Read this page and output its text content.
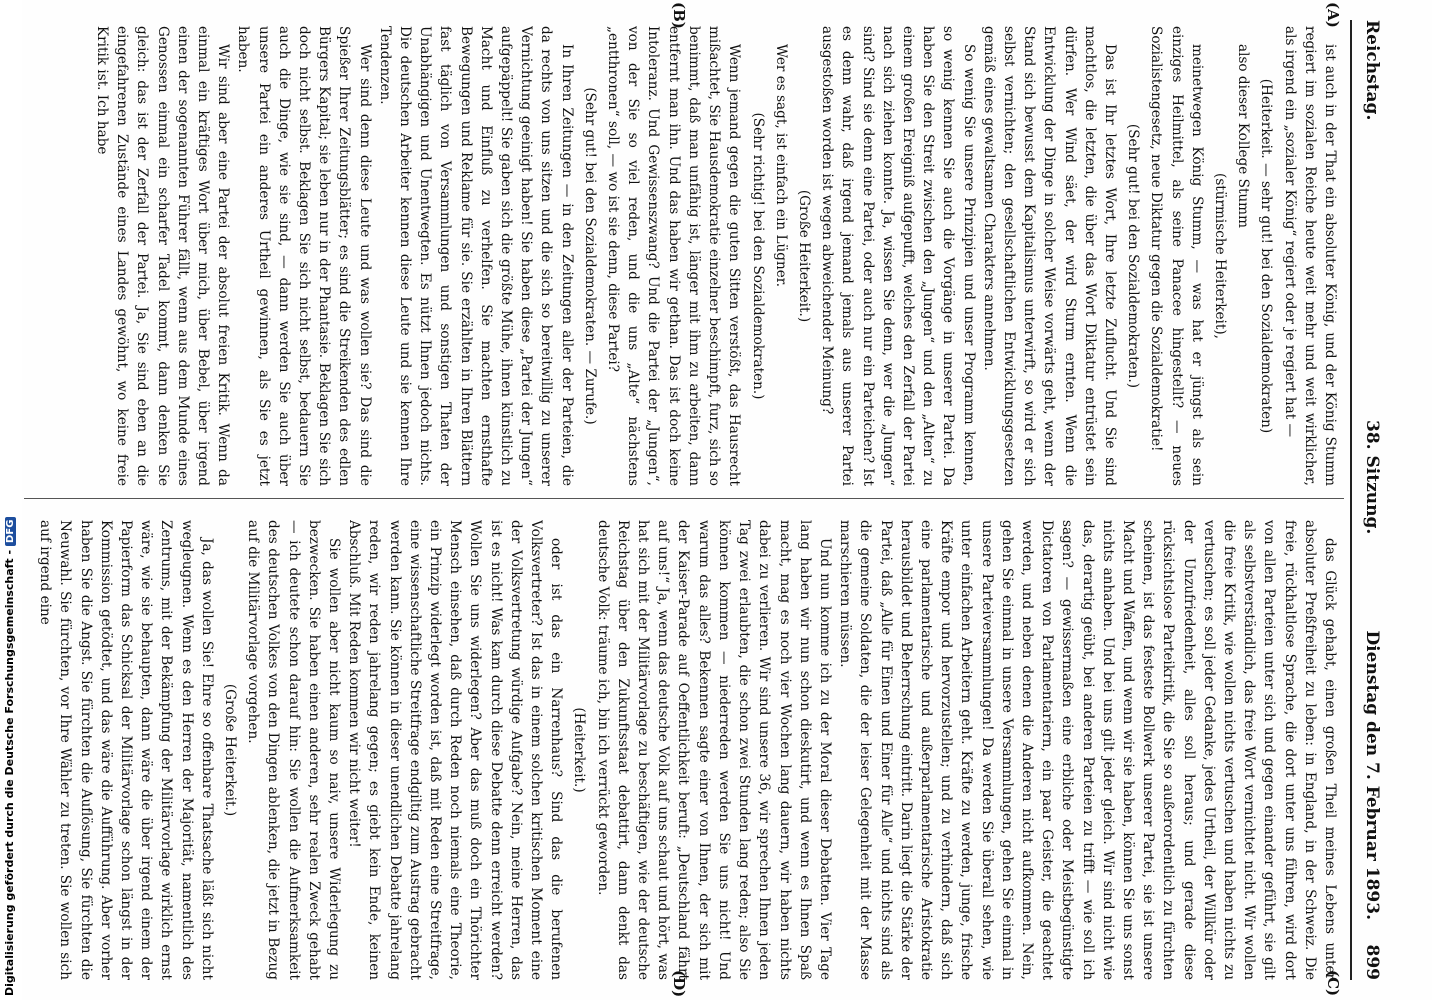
Digitalisierung gefördert durch die Deutsche Forschungsgemeinschaft -DFG
Reichstag.
38. Sitzung.
Dienstag den 7. Februar 1893.
899
(A)
(B)
(C)
(D)

ist auch in der That ein absoluter König, und der König Stumm regiert im sozialen Reiche heute weit mehr und weit wirklicher, als irgend ein „sozialer König“ regiert oder je regiert hat —

(Heiterkeit. — sehr gut! bei den Sozialdemokraten)

also dieser Kollege Stumm

(stürmische Heiterkeit),

meinetwegen König Stumm, — was hat er jüngst als sein einziges Heilmittel, als seine Panacee hingestellt? — neues Sozialistengesetz, neue Diktatur gegen die Sozialdemokratie!

(Sehr gut! bei den Sozialdemokraten.)

Das ist Ihr letztes Wort, Ihre letzte Zuflucht. Und Sie sind machtlos, die letzten, die über das Wort Diktatur entrüstet sein dürfen. Wer Wind säet, der wird Sturm ernten. Wenn die Entwicklung der Dinge in solcher Weise vorwärts geht, wenn der Stand sich bewusst dem Kapitalismus unterwirft, so wird er sich selbst vernichten; den gesellschaftlichen Entwicklungsgesetzen gemäß eines gewaltsamen Charakters annehmen.

So wenig Sie unsere Prinzipien und unser Programm kennen, so wenig kennen Sie auch die Vorgänge in unserer Partei. Da haben Sie den Streit zwischen den „Jungen“ und den „Alten“ zu einem großen Ereigniß aufgepufft, welches den Zerfall der Partei nach sich ziehen konnte. Ja, wissen Sie denn, wer die „Jungen“ sind? Sind sie denn eine Partei, oder auch nur ein Parteichen? Ist es denn wahr, daß irgend jemand jemals aus unserer Partei ausgestoßen worden ist wegen abweichender Meinung?

(Große Heiterkeit.)

Wer es sagt, ist einfach ein Lügner.

(Sehr richtig! bei den Sozialdemokraten.)

Wenn jemand gegen die guten Sitten verstößt, das Hausrecht mißachtet, Sie Hausdemokratie einzelner beschimpft, furz, sich so benimmt, daß man unfähig ist, länger mit ihm zu arbeiten, dann entfernt man ihn. Und das haben wir gethan. Das ist doch keine Intoleranz. Und Gewissenszwang? Und die Partei der „Jungen“, von der Sie so viel reden, und die uns „Alte“ nächstens „entthronen“ soll, — wo ist sie denn, diese Partei?

(Sehr gut! bei den Sozialdemokraten. — Zurufe.)

In Ihren Zeitungen — in den Zeitungen aller der Parteien, die da rechts von uns sitzen und die sich so bereitwillig zu unserer Vernichtung geeinigt haben! Sie haben diese „Partei der Jungen“ aufgepäppelt! Sie gaben sich die größte Mühe, ihnen künstlich zu Macht und Einfluß zu verhelfen. Sie machten ernsthafte Bewegungen und Reklame für sie. Sie erzählten in Ihren Blättern fast täglich von Versammlungen und sonstigen Thaten der Unabhängigen und Unentwegten. Es nützt Ihnen jedoch nichts. Die deutschen Arbeiter kennen diese Leute und sie kennen Ihre Tendenzen.

Wer sind denn diese Leute und was wollen sie? Das sind die Spießer Ihrer Zeitungsblätter; es sind die Streikenden des edlen Bürgers Kapital; sie leben nur in der Phantasie. Beklagen Sie sich doch nicht selbst. Beklagen Sie sich nicht selbst, bedauern Sie auch die Dinge, wie sie sind, — dann werden Sie auch über unsere Partei ein anderes Urtheil gewinnen, als Sie es jetzt haben.

Wir sind aber eine Partei der absolut freien Kritik. Wenn da einmal ein kräftiges Wort über mich, über Bebel, über irgend einen der sogenannten Führer fällt, wenn aus dem Munde eines Genossen einmal ein scharfer Tadel kommt, dann denken Sie gleich: das ist der Zerfall der Partei. Ja, Sie sind eben an die eingefahrenen Zustände eines Landes gewöhnt, wo keine freie Kritik ist. Ich habe

das Glück gehabt, einen großen Theil meines Lebens unter absoluter Preßfreiheit zu leben: in England, in der Schweiz. Die freie, rückhaltlose Sprache, die dort unter uns führen, wird dort von allen Parteien unter sich und gegen einander geführt, sie gilt als selbstverständlich, das freie Wort vernichtet nicht. Wir wollen die freie Kritik, wie wollen nichts vertuschen und haben nichts zu vertuschen; es soll jeder Gedanke, jedes Urtheil, der Willkür oder der Unzufriedenheit, alles soll heraus; und gerade diese rücksichtslose Parteikritik, die Sie so außerordentlich zu fürchten scheinen, ist das festeste Bollwerk unserer Partei, sie ist unsere Macht und Waffen, und wenn wir sie haben, können Sie uns sonst nichts anhaben. Und bei uns gilt jeder gleich. Wir sind nicht wie das, derartig geübt, bei anderen Parteien zu trifft — wie soll ich sagen? — gewissermaßen eine erbliche oder Meistbegünstigte Dictatoren von Parlamentariern, ein paar Geister, die geachtet werden, und neben denen die Anderen nicht aufkommen. Nein, gehen Sie einmal in unsere Versammlungen, gehen Sie einmal in unsere Parteiversammlungen! Da werden Sie überall sehen, wie unter einfachen Arbeitern geht. Kräfte zu werden, junge, frische Kräfte empor und hervorzustellen; und zu verhindern, daß sich eine parlamentarische und außerparlamentarische Aristokratie herausbildet und Beherrschung eintritt. Darin liegt die Stärke der Partei, daß „Alle für Einen und Einer für Alle“ und nichts sind als die gemeine Soldaten, die der leiser Gelegenheit mit der Masse marschieren müssen.

Und nun komme ich zu der Moral dieser Debatten. Vier Tage lang haben wir nun schon dieskutirt, und wenn es Ihnen Spaß macht, mag es noch vier Wochen lang dauern, wir haben nichts dabei zu verlieren. Wir sind unsere 36, wir sprechen Ihnen jeden Tag zwei erlaubten, die schon zwei Stunden lang reden; also Sie können kommen — niederreden werden Sie uns nicht! Und warum das alles? Bekennen sagte einer von Ihnen, der sich mit der Kaiser-Parade auf Oeffentlichkeit beruft: „Deutschland fährt auf uns!“ Ja, wenn das deutsche Volk auf uns schaut und hört, was hat sich mit der Militärvorlage zu beschäftigen, wie der deutsche Reichstag über den Zukunftsstaat debattirt, dann denkt das deutsche Volk: träume ich, bin ich verrückt geworden.

(Heiterkeit.)

oder ist das ein Narrenhaus? Sind das die berufenen Volksvertreter? Ist das in einem solchen kritischen Moment eine der Volksvertretung würdige Aufgabe? Nein, meine Herren, das ist es nicht! Was kam durch diese Debatte denn erreicht werden? Wollen Sie uns widerlegen? Aber das muß doch ein Thörichter Mensch einsehen, daß durch Reden noch niemals eine Theorie, ein Prinzip widerlegt worden ist, daß mit Reden eine Streitfrage, eine wissenschaftliche Streitfrage endgiltig zum Austrag gebracht werden kann. Sie können in dieser unendlichen Debatte jahrelang reden, wir reden jahrelang gegen; es giebt kein Ende, keinen Abschluß. Mit Reden kommen wir nicht weiter!

Sie wollen aber nicht kaum so naiv, unsere Widerlegung zu bezwecken. Sie haben einen anderen, sehr realen Zweck gehabt — ich deutete schon darauf hin: Sie wollen die Aufmerksamkeit des deutschen Volkes von den Dingen ablenken, die jetzt in Bezug auf die Militärvorlage vorgehen.

(Große Heiterkeit.)

Ja, das wollen Sie! Ehre so offenbare Thatsache läßt sich nicht wegleugnen. Wenn es den Herren der Majorität, namentlich des Zentrums, mit der Bekämpfung der Militärvorlage wirklich ernst wäre, wie sie behaupten, dann wäre die über irgend einem der Papierform das Schicksal der Militärvorlage schon längst in der Kommission getödtet, und das wäre die Aufführung. Aber vorher haben Sie die Angst. Sie fürchten die Auflösung, Sie fürchten die Neuwahl. Sie fürchten, vor Ihre Wähler zu treten. Sie wollen sich auf irgend eine
